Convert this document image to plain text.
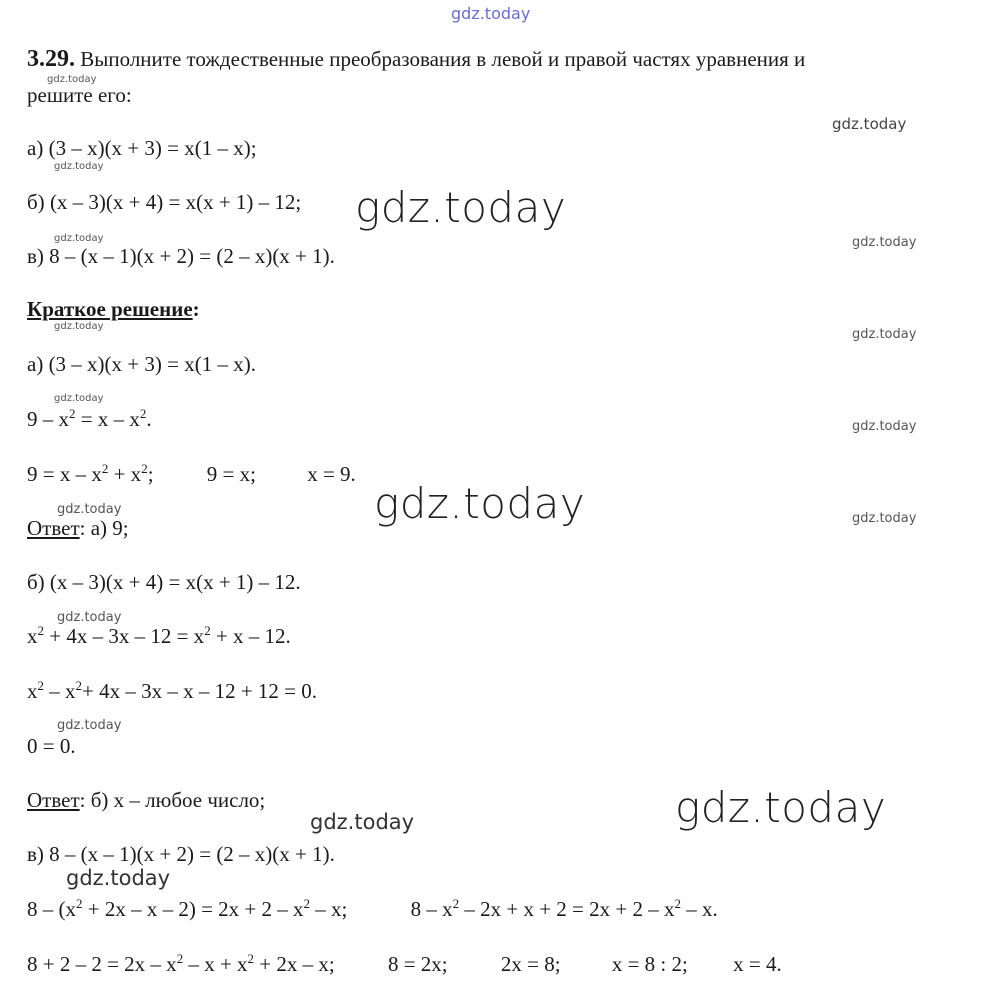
gdz.today
3.29. Выполните тождественные преобразования в левой и правой частях уравнения и
решите его:
gdz.today
gdz.today
а) (3 – x)(x + 3) = x(1 – x);
gdz.today
б) (x – 3)(x + 4) = x(x + 1) – 12; gdz.today
gdz.today
в) 8 – (x – 1)(x + 2) = (2 – x)(x + 1).
gdz.today
Краткое решение:
gdz.today
gdz.today
а) (3 – x)(x + 3) = x(1 – x).
gdz.today
$9 - x^2 = x - x^2$.	gdz.today
$9 = x - x^2 + x^2$;	9 = x; x = 9.
gdz.today
gdz.today
Ответ: а) 9;	gdz.today
б) (x – 3)(x + 4) = x(x + 1) – 12.
gdz.today
$x^2 + 4x - 3x - 12 = x^2 + x - 12$.
$x^2 - x^2+ 4x - 3x - x - 12 + 12 = 0$.
gdz.today
0 = 0.
Ответ: б) x – любое число;	gdz.today
gdz.today
в) 8 – (x – 1)(x + 2) = (2 – x)(x + 1).
gdz.today
$8 - (x^2 + 2x - x - 2) = 2x + 2 - x^2 - x$;	$8 - x^2 - 2x + x + 2 = 2x + 2 - x^2 - x$.
$8 + 2 - 2 = 2x - x^2 - x + x^2 + 2x - x$;	8 = 2x;	2x = 8; x = 8 : 2; x = 4.
